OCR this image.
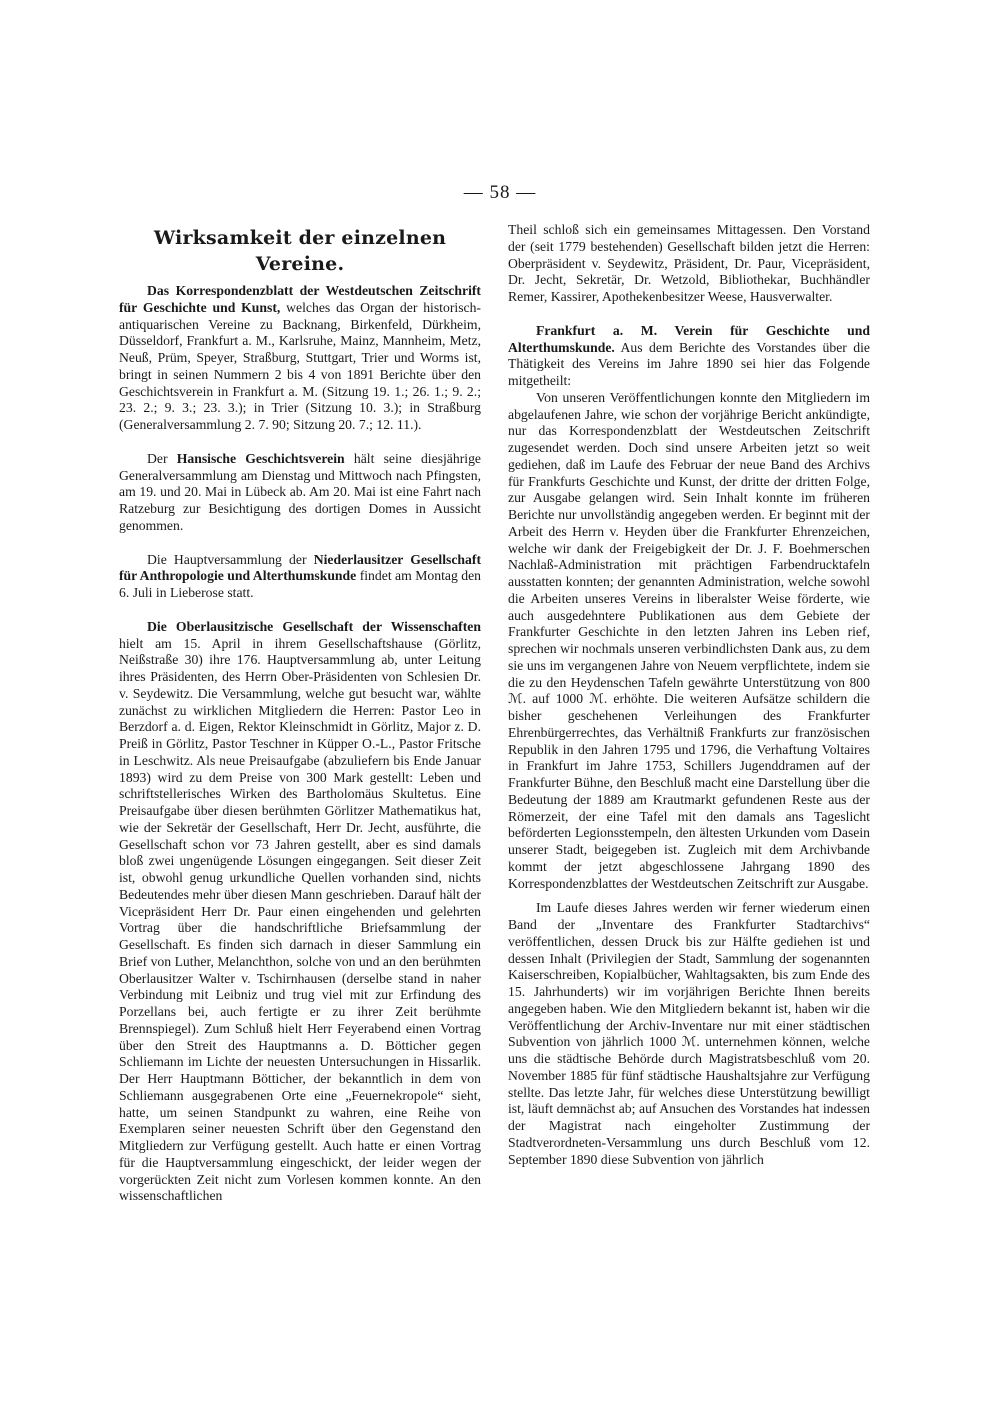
— 58 —
Wirksamkeit der einzelnen Vereine.

Das Korrespondenzblatt der Westdeutschen Zeitschrift für Geschichte und Kunst, welches das Organ der historisch-antiquarischen Vereine zu Backnang, Birkenfeld, Dürkheim, Düsseldorf, Frankfurt a. M., Karlsruhe, Mainz, Mannheim, Metz, Neuß, Prüm, Speyer, Straßburg, Stuttgart, Trier und Worms ist, bringt in seinen Nummern 2 bis 4 von 1891 Berichte über den Geschichtsverein in Frankfurt a. M. (Sitzung 19. 1.; 26. 1.; 9. 2.; 23. 2.; 9. 3.; 23. 3.); in Trier (Sitzung 10. 3.); in Straßburg (Generalversammlung 2. 7. 90; Sitzung 20. 7.; 12. 11.).

Der Hansische Geschichtsverein hält seine diesjährige Generalversammlung am Dienstag und Mittwoch nach Pfingsten, am 19. und 20. Mai in Lübeck ab. Am 20. Mai ist eine Fahrt nach Ratzeburg zur Besichtigung des dortigen Domes in Aussicht genommen.

Die Hauptversammlung der Niederlausitzer Gesellschaft für Anthropologie und Alterthumskunde findet am Montag den 6. Juli in Lieberose statt.

Die Oberlausitzische Gesellschaft der Wissenschaften hielt am 15. April in ihrem Gesellschaftshause (Görlitz, Neißstraße 30) ihre 176. Hauptversammlung ab, unter Leitung ihres Präsidenten, des Herrn Ober-Präsidenten von Schlesien Dr. v. Seydewitz. Die Versammlung, welche gut besucht war, wählte zunächst zu wirklichen Mitgliedern die Herren: Pastor Leo in Berzdorf a. d. Eigen, Rektor Kleinschmidt in Görlitz, Major z. D. Preiß in Görlitz, Pastor Teschner in Küpper O.-L., Pastor Fritsche in Leschwitz. Als neue Preisaufgabe (abzuliefern bis Ende Januar 1893) wird zu dem Preise von 300 Mark gestellt: Leben und schriftstellerisches Wirken des Bartholomäus Skultetus. Eine Preisaufgabe über diesen berühmten Görlitzer Mathematikus hat, wie der Sekretär der Gesellschaft, Herr Dr. Jecht, ausführte, die Gesellschaft schon vor 73 Jahren gestellt, aber es sind damals bloß zwei ungenügende Lösungen eingegangen. Seit dieser Zeit ist, obwohl genug urkundliche Quellen vorhanden sind, nichts Bedeutendes mehr über diesen Mann geschrieben. Darauf hält der Vicepräsident Herr Dr. Paur einen eingehenden und gelehrten Vortrag über die handschriftliche Briefsammlung der Gesellschaft. Es finden sich darnach in dieser Sammlung ein Brief von Luther, Melanchthon, solche von und an den berühmten Oberlausitzer Walter v. Tschirnhausen (derselbe stand in naher Verbindung mit Leibniz und trug viel mit zur Erfindung des Porzellans bei, auch fertigte er zu ihrer Zeit berühmte Brennspiegel). Zum Schluß hielt Herr Feyerabend einen Vortrag über den Streit des Hauptmanns a. D. Bötticher gegen Schliemann im Lichte der neuesten Untersuchungen in Hissarlik. Der Herr Hauptmann Bötticher, der bekanntlich in dem von Schliemann ausgegrabenen Orte eine „Feuernekropole“ sieht, hatte, um seinen Standpunkt zu wahren, eine Reihe von Exemplaren seiner neuesten Schrift über den Gegenstand den Mitgliedern zur Verfügung gestellt. Auch hatte er einen Vortrag für die Hauptversammlung eingeschickt, der leider wegen der vorgerückten Zeit nicht zum Vorlesen kommen konnte. An den wissenschaftlichen

Theil schloß sich ein gemeinsames Mittagessen. Den Vorstand der (seit 1779 bestehenden) Gesellschaft bilden jetzt die Herren: Oberpräsident v. Seydewitz, Präsident, Dr. Paur, Vicepräsident, Dr. Jecht, Sekretär, Dr. Wetzold, Bibliothekar, Buchhändler Remer, Kassirer, Apothekenbesitzer Weese, Hausverwalter.

Frankfurt a. M. Verein für Geschichte und Alterthumskunde. Aus dem Berichte des Vorstandes über die Thätigkeit des Vereins im Jahre 1890 sei hier das Folgende mitgetheilt:

Von unseren Veröffentlichungen konnte den Mitgliedern im abgelaufenen Jahre, wie schon der vorjährige Bericht ankündigte, nur das Korrespondenzblatt der Westdeutschen Zeitschrift zugesendet werden. Doch sind unsere Arbeiten jetzt so weit gediehen, daß im Laufe des Februar der neue Band des Archivs für Frankfurts Geschichte und Kunst, der dritte der dritten Folge, zur Ausgabe gelangen wird. Sein Inhalt konnte im früheren Berichte nur unvollständig angegeben werden. Er beginnt mit der Arbeit des Herrn v. Heyden über die Frankfurter Ehrenzeichen, welche wir dank der Freigebigkeit der Dr. J. F. Boehmerschen Nachlaß-Administration mit prächtigen Farbendrucktafeln ausstatten konnten; der genannten Administration, welche sowohl die Arbeiten unseres Vereins in liberalster Weise förderte, wie auch ausgedehntere Publikationen aus dem Gebiete der Frankfurter Geschichte in den letzten Jahren ins Leben rief, sprechen wir nochmals unseren verbindlichsten Dank aus, zu dem sie uns im vergangenen Jahre von Neuem verpflichtete, indem sie die zu den Heydenschen Tafeln gewährte Unterstützung von 800 ℳ. auf 1000 ℳ. erhöhte. Die weiteren Aufsätze schildern die bisher geschehenen Verleihungen des Frankfurter Ehrenbürgerrechtes, das Verhältniß Frankfurts zur französischen Republik in den Jahren 1795 und 1796, die Verhaftung Voltaires in Frankfurt im Jahre 1753, Schillers Jugenddramen auf der Frankfurter Bühne, den Beschluß macht eine Darstellung über die Bedeutung der 1889 am Krautmarkt gefundenen Reste aus der Römerzeit, der eine Tafel mit den damals ans Tageslicht beförderten Legionsstempeln, den ältesten Urkunden vom Dasein unserer Stadt, beigegeben ist. Zugleich mit dem Archivbande kommt der jetzt abgeschlossene Jahrgang 1890 des Korrespondenzblattes der Westdeutschen Zeitschrift zur Ausgabe.

Im Laufe dieses Jahres werden wir ferner wiederum einen Band der „Inventare des Frankfurter Stadtarchivs“ veröffentlichen, dessen Druck bis zur Hälfte gediehen ist und dessen Inhalt (Privilegien der Stadt, Sammlung der sogenannten Kaiserschreiben, Kopialbücher, Wahltagsakten, bis zum Ende des 15. Jahrhunderts) wir im vorjährigen Berichte Ihnen bereits angegeben haben. Wie den Mitgliedern bekannt ist, haben wir die Veröffentlichung der Archiv-Inventare nur mit einer städtischen Subvention von jährlich 1000 ℳ. unternehmen können, welche uns die städtische Behörde durch Magistratsbeschluß vom 20. November 1885 für fünf städtische Haushaltsjahre zur Verfügung stellte. Das letzte Jahr, für welches diese Unterstützung bewilligt ist, läuft demnächst ab; auf Ansuchen des Vorstandes hat indessen der Magistrat nach eingeholter Zustimmung der Stadtverordneten-Versammlung uns durch Beschluß vom 12. September 1890 diese Subvention von jährlich
